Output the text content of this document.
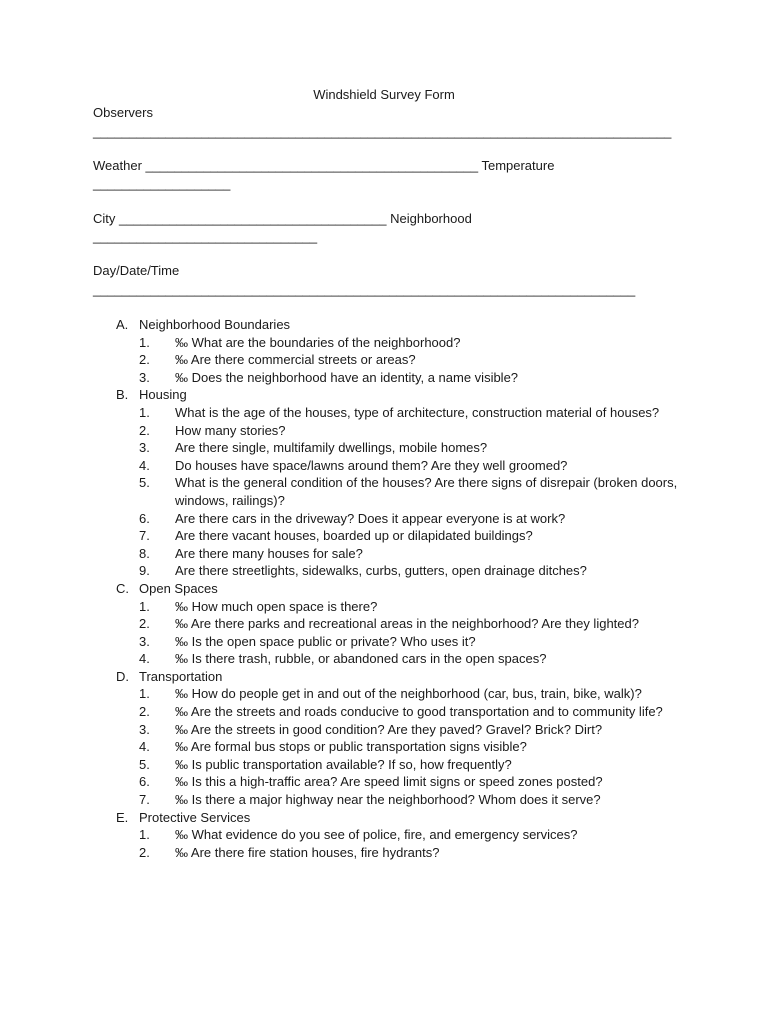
Windshield Survey Form
Observers
________________________________________________________________________________
Weather ______________________________________________ Temperature
___________________
City _____________________________________ Neighborhood
_______________________________
Day/Date/Time
___________________________________________________________________________
A. Neighborhood Boundaries
1. ‰ What are the boundaries of the neighborhood?
2. ‰ Are there commercial streets or areas?
3. ‰ Does the neighborhood have an identity, a name visible?
B. Housing
1. What is the age of the houses, type of architecture, construction material of houses?
2. How many stories?
3. Are there single, multifamily dwellings, mobile homes?
4. Do houses have space/lawns around them? Are they well groomed?
5. What is the general condition of the houses? Are there signs of disrepair (broken doors, windows, railings)?
6. Are there cars in the driveway? Does it appear everyone is at work?
7. Are there vacant houses, boarded up or dilapidated buildings?
8. Are there many houses for sale?
9. Are there streetlights, sidewalks, curbs, gutters, open drainage ditches?
C. Open Spaces
1. ‰ How much open space is there?
2. ‰ Are there parks and recreational areas in the neighborhood? Are they lighted?
3. ‰ Is the open space public or private? Who uses it?
4. ‰ Is there trash, rubble, or abandoned cars in the open spaces?
D. Transportation
1. ‰ How do people get in and out of the neighborhood (car, bus, train, bike, walk)?
2. ‰ Are the streets and roads conducive to good transportation and to community life?
3. ‰ Are the streets in good condition? Are they paved? Gravel? Brick? Dirt?
4. ‰ Are formal bus stops or public transportation signs visible?
5. ‰ Is public transportation available? If so, how frequently?
6. ‰ Is this a high-traffic area? Are speed limit signs or speed zones posted?
7. ‰ Is there a major highway near the neighborhood? Whom does it serve?
E. Protective Services
1. ‰ What evidence do you see of police, fire, and emergency services?
2. ‰ Are there fire station houses, fire hydrants?
